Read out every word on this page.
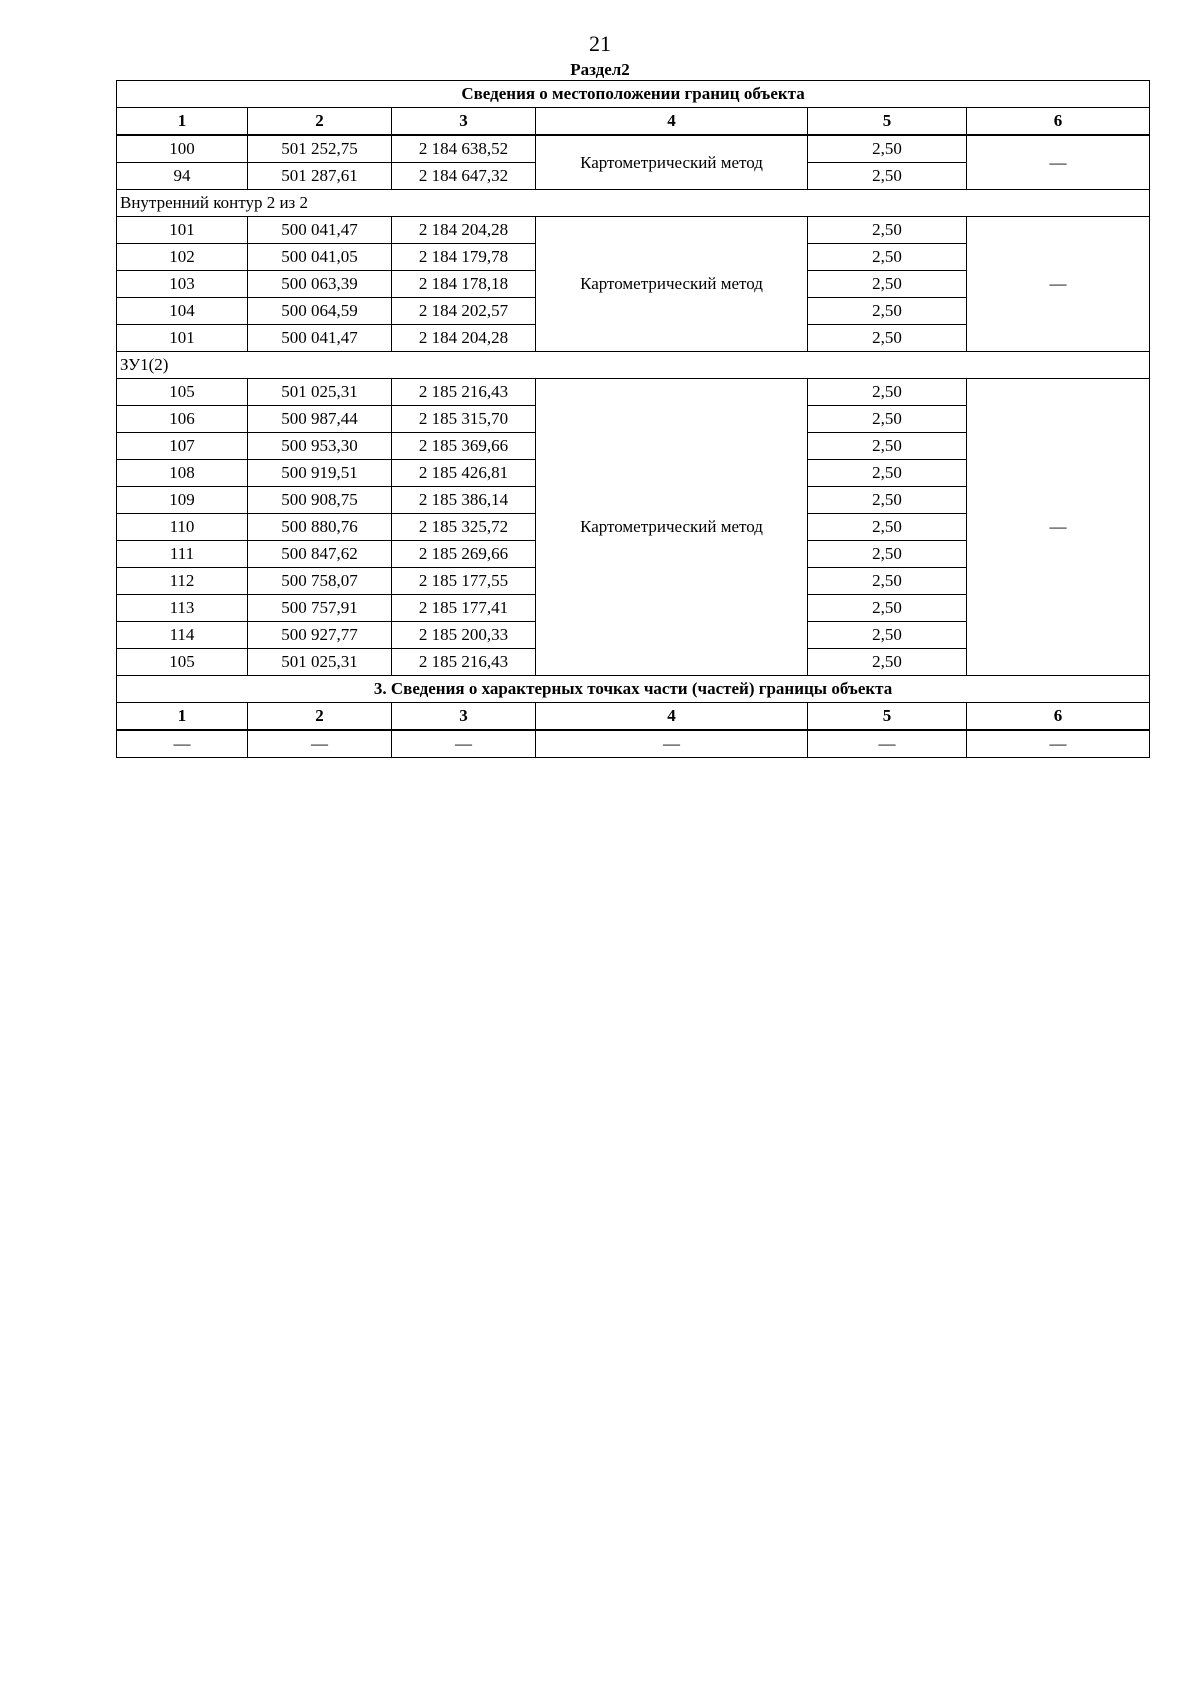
21
Раздел2
Сведения о местоположении границ объекта					
1	2	3	4	5	6
100	501 252,75	2 184 638,52	Картометрический метод	2,50	—
94	501 287,61	2 184 647,32		2,50	
Внутренний контур 2 из 2					
101	500 041,47	2 184 204,28	Картометрический метод	2,50	—
102	500 041,05	2 184 179,78		2,50	
103	500 063,39	2 184 178,18		2,50	
104	500 064,59	2 184 202,57		2,50	
101	500 041,47	2 184 204,28		2,50	
ЗУ1(2)					
105	501 025,31	2 185 216,43	Картометрический метод	2,50	—
106	500 987,44	2 185 315,70		2,50	
107	500 953,30	2 185 369,66		2,50	
108	500 919,51	2 185 426,81		2,50	
109	500 908,75	2 185 386,14		2,50	
110	500 880,76	2 185 325,72		2,50	
111	500 847,62	2 185 269,66		2,50	
112	500 758,07	2 185 177,55		2,50	
113	500 757,91	2 185 177,41		2,50	
114	500 927,77	2 185 200,33		2,50	
105	501 025,31	2 185 216,43		2,50	
3. Сведения о характерных точках части (частей) границы объекта					
1	2	3	4	5	6
—	—	—	—	—	—
